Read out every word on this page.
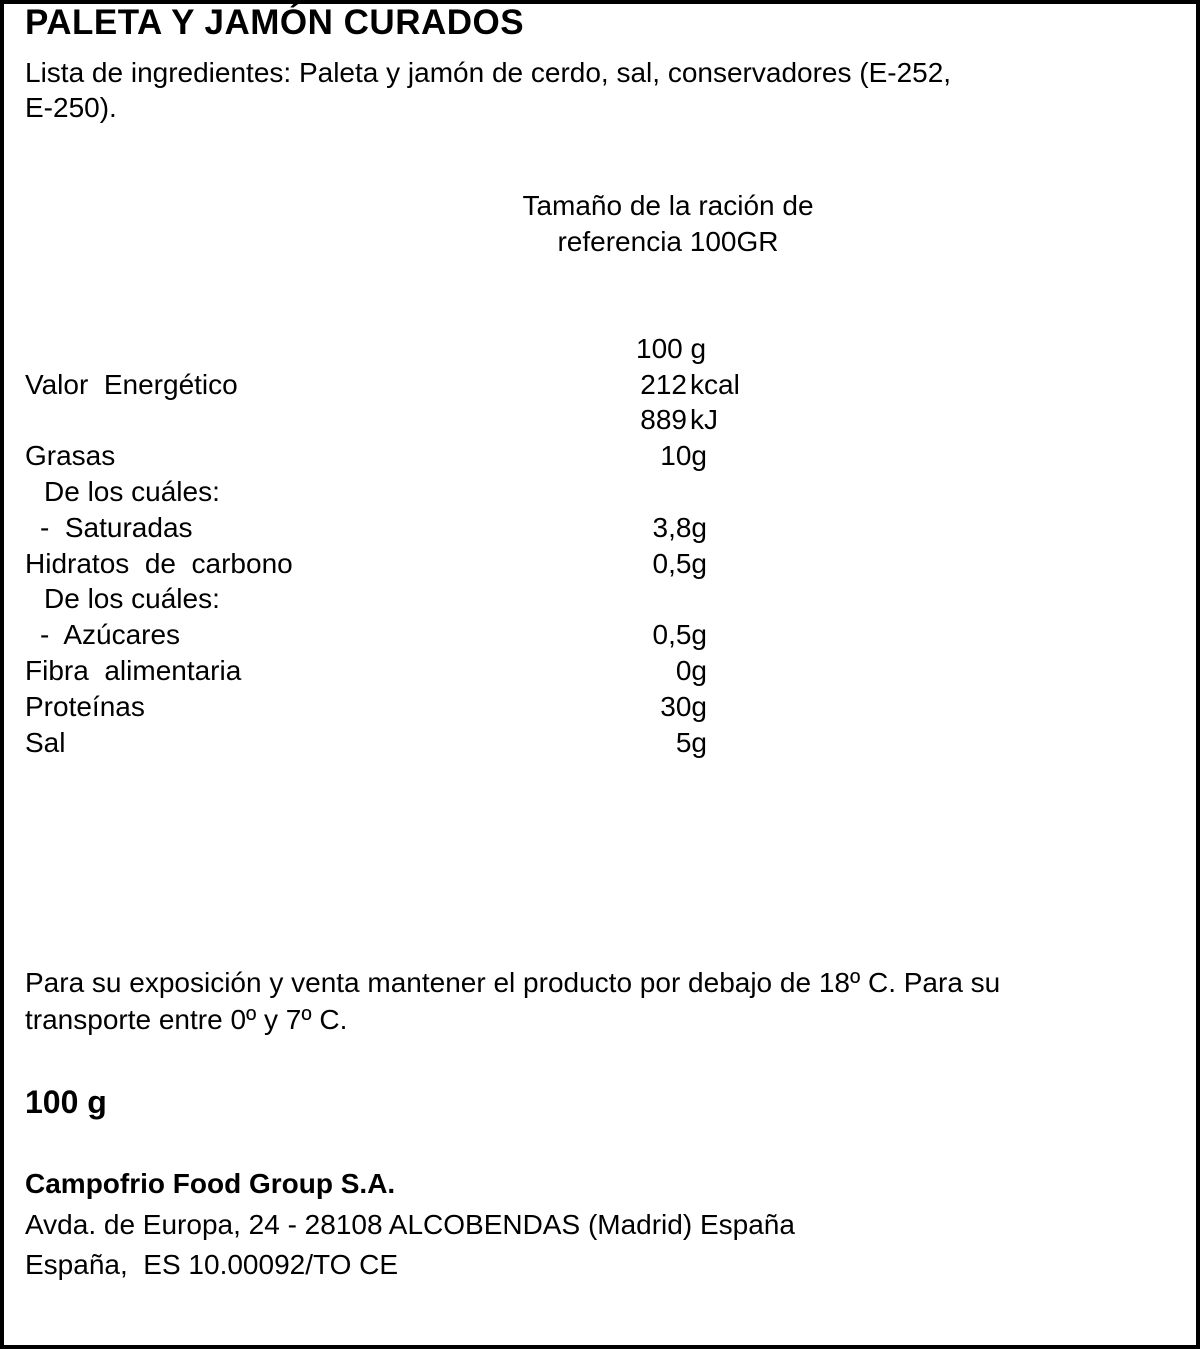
PALETA Y JAMÓN CURADOS
Lista de ingredientes: Paleta y jamón de cerdo, sal, conservadores (E-252,
E-250).
Tamaño de la ración de
referencia 100GR
100 g
Valor  Energético	212 kcal
889 kJ
Grasas	10g
De los cuáles:
-  Saturadas	3,8g
Hidratos  de  carbono	0,5g
De los cuáles:
-  Azúcares	0,5g
Fibra  alimentaria	0g
Proteínas	30g
Sal	5g
Para su exposición y venta mantener el producto por debajo de 18º C. Para su
transporte entre 0º y 7º C.
100 g
Campofrio Food Group S.A.
Avda. de Europa, 24 - 28108 ALCOBENDAS (Madrid) España
España,  ES 10.00092/TO CE
